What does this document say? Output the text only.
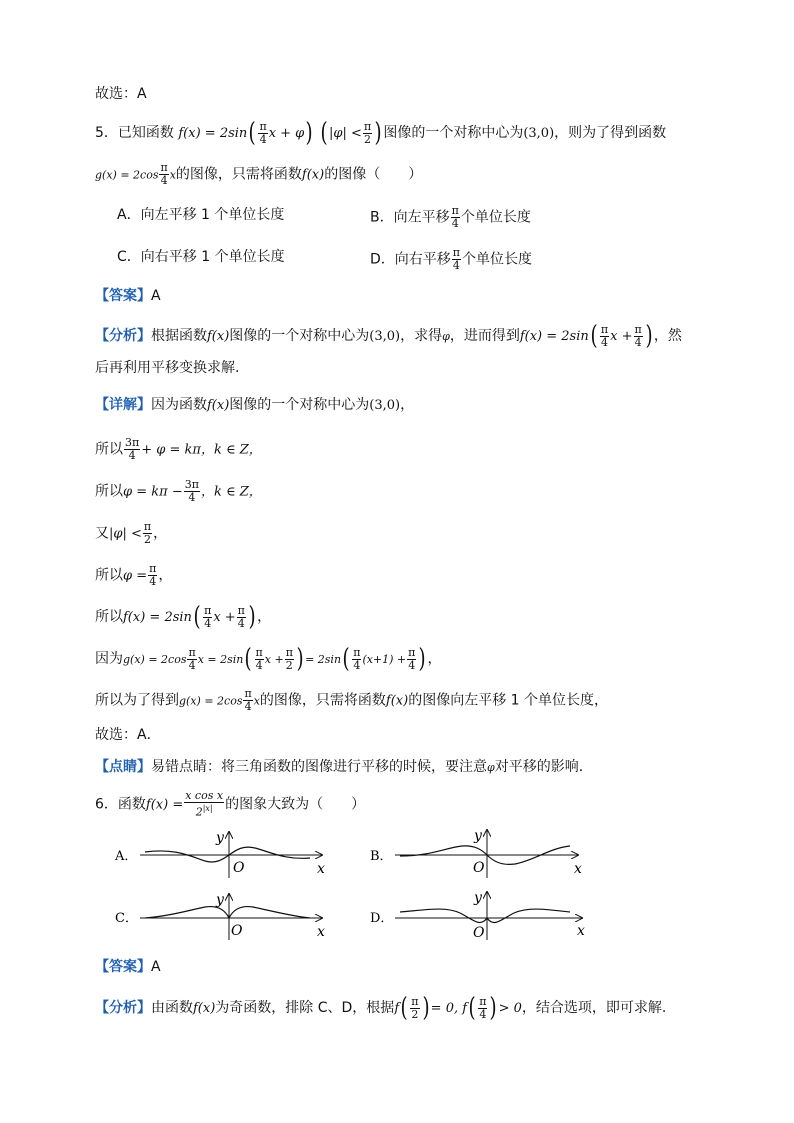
故选：A
5．已知函数 $f(x) = 2\sin( \frac{\pi}{4}$ x + φ) ( $|\varphi| < \frac{\pi}{2}$ ) 图像的一个对称中心为(3,0)，则为了得到函数
$g(x) = 2\cos \frac{\pi}{4}$ x的图像，只需将函数f(x)的图像（　　）
A．向左平移 1 个单位长度	B．向左平移 $\frac{\pi}{4}$ 个单位长度
C．向右平移 1 个单位长度	D．向右平移 $\frac{\pi}{4}$ 个单位长度
【答案】A
【分析】根据函数f(x)图像的一个对称中心为(3,0)，求得φ，进而得到$f(x) = 2\sin( \frac{\pi}{4}$ $x + \frac{\pi}{4}$ ) ，然
后再利用平移变换求解.
【详解】因为函数f(x)图像的一个对称中心为(3,0)，
所以 $\frac{3\pi}{4} + \varphi = k\pi$，k ∈ Z，
所以$\varphi = k\pi - \frac{3\pi}{4}$ ，k ∈ Z，
又$|\varphi| < \frac{\pi}{2}$ ，
所以$\varphi = \frac{\pi}{4}$ ，
所以$f(x) = 2\sin( \frac{\pi}{4}$ $x + \frac{\pi}{4}$ ) ，
因为$g(x) = 2\cos \frac{\pi}{4}$ $x = 2\sin( \frac{\pi}{4}$ $x + \frac{\pi}{2}$ ) = $2\sin( \frac{\pi}{4} (x+1) + \frac{\pi}{4}$ ) ，
所以为了得到$g(x) = 2\cos \frac{\pi}{4}$ x的图像，只需将函数f(x)的图像向左平移 1 个单位长度，
故选：A．
【点睛】易错点睛：将三角函数的图像进行平移的时候，要注意φ对平移的影响．
6．函数$f(x) = \frac{\text{x cos x}}{2^{|x|}}$ 的图象大致为（　　）
A．
y
x
O
B．
y
x
O
C．
y
x
O
D．
y
x
O
【答案】A
【分析】由函数f(x)为奇函数，排除 C、D，根据$f( \frac{\pi}{2}$ ) = 0, $f( \frac{\pi}{4}$ ) > 0，结合选项，即可求解.
